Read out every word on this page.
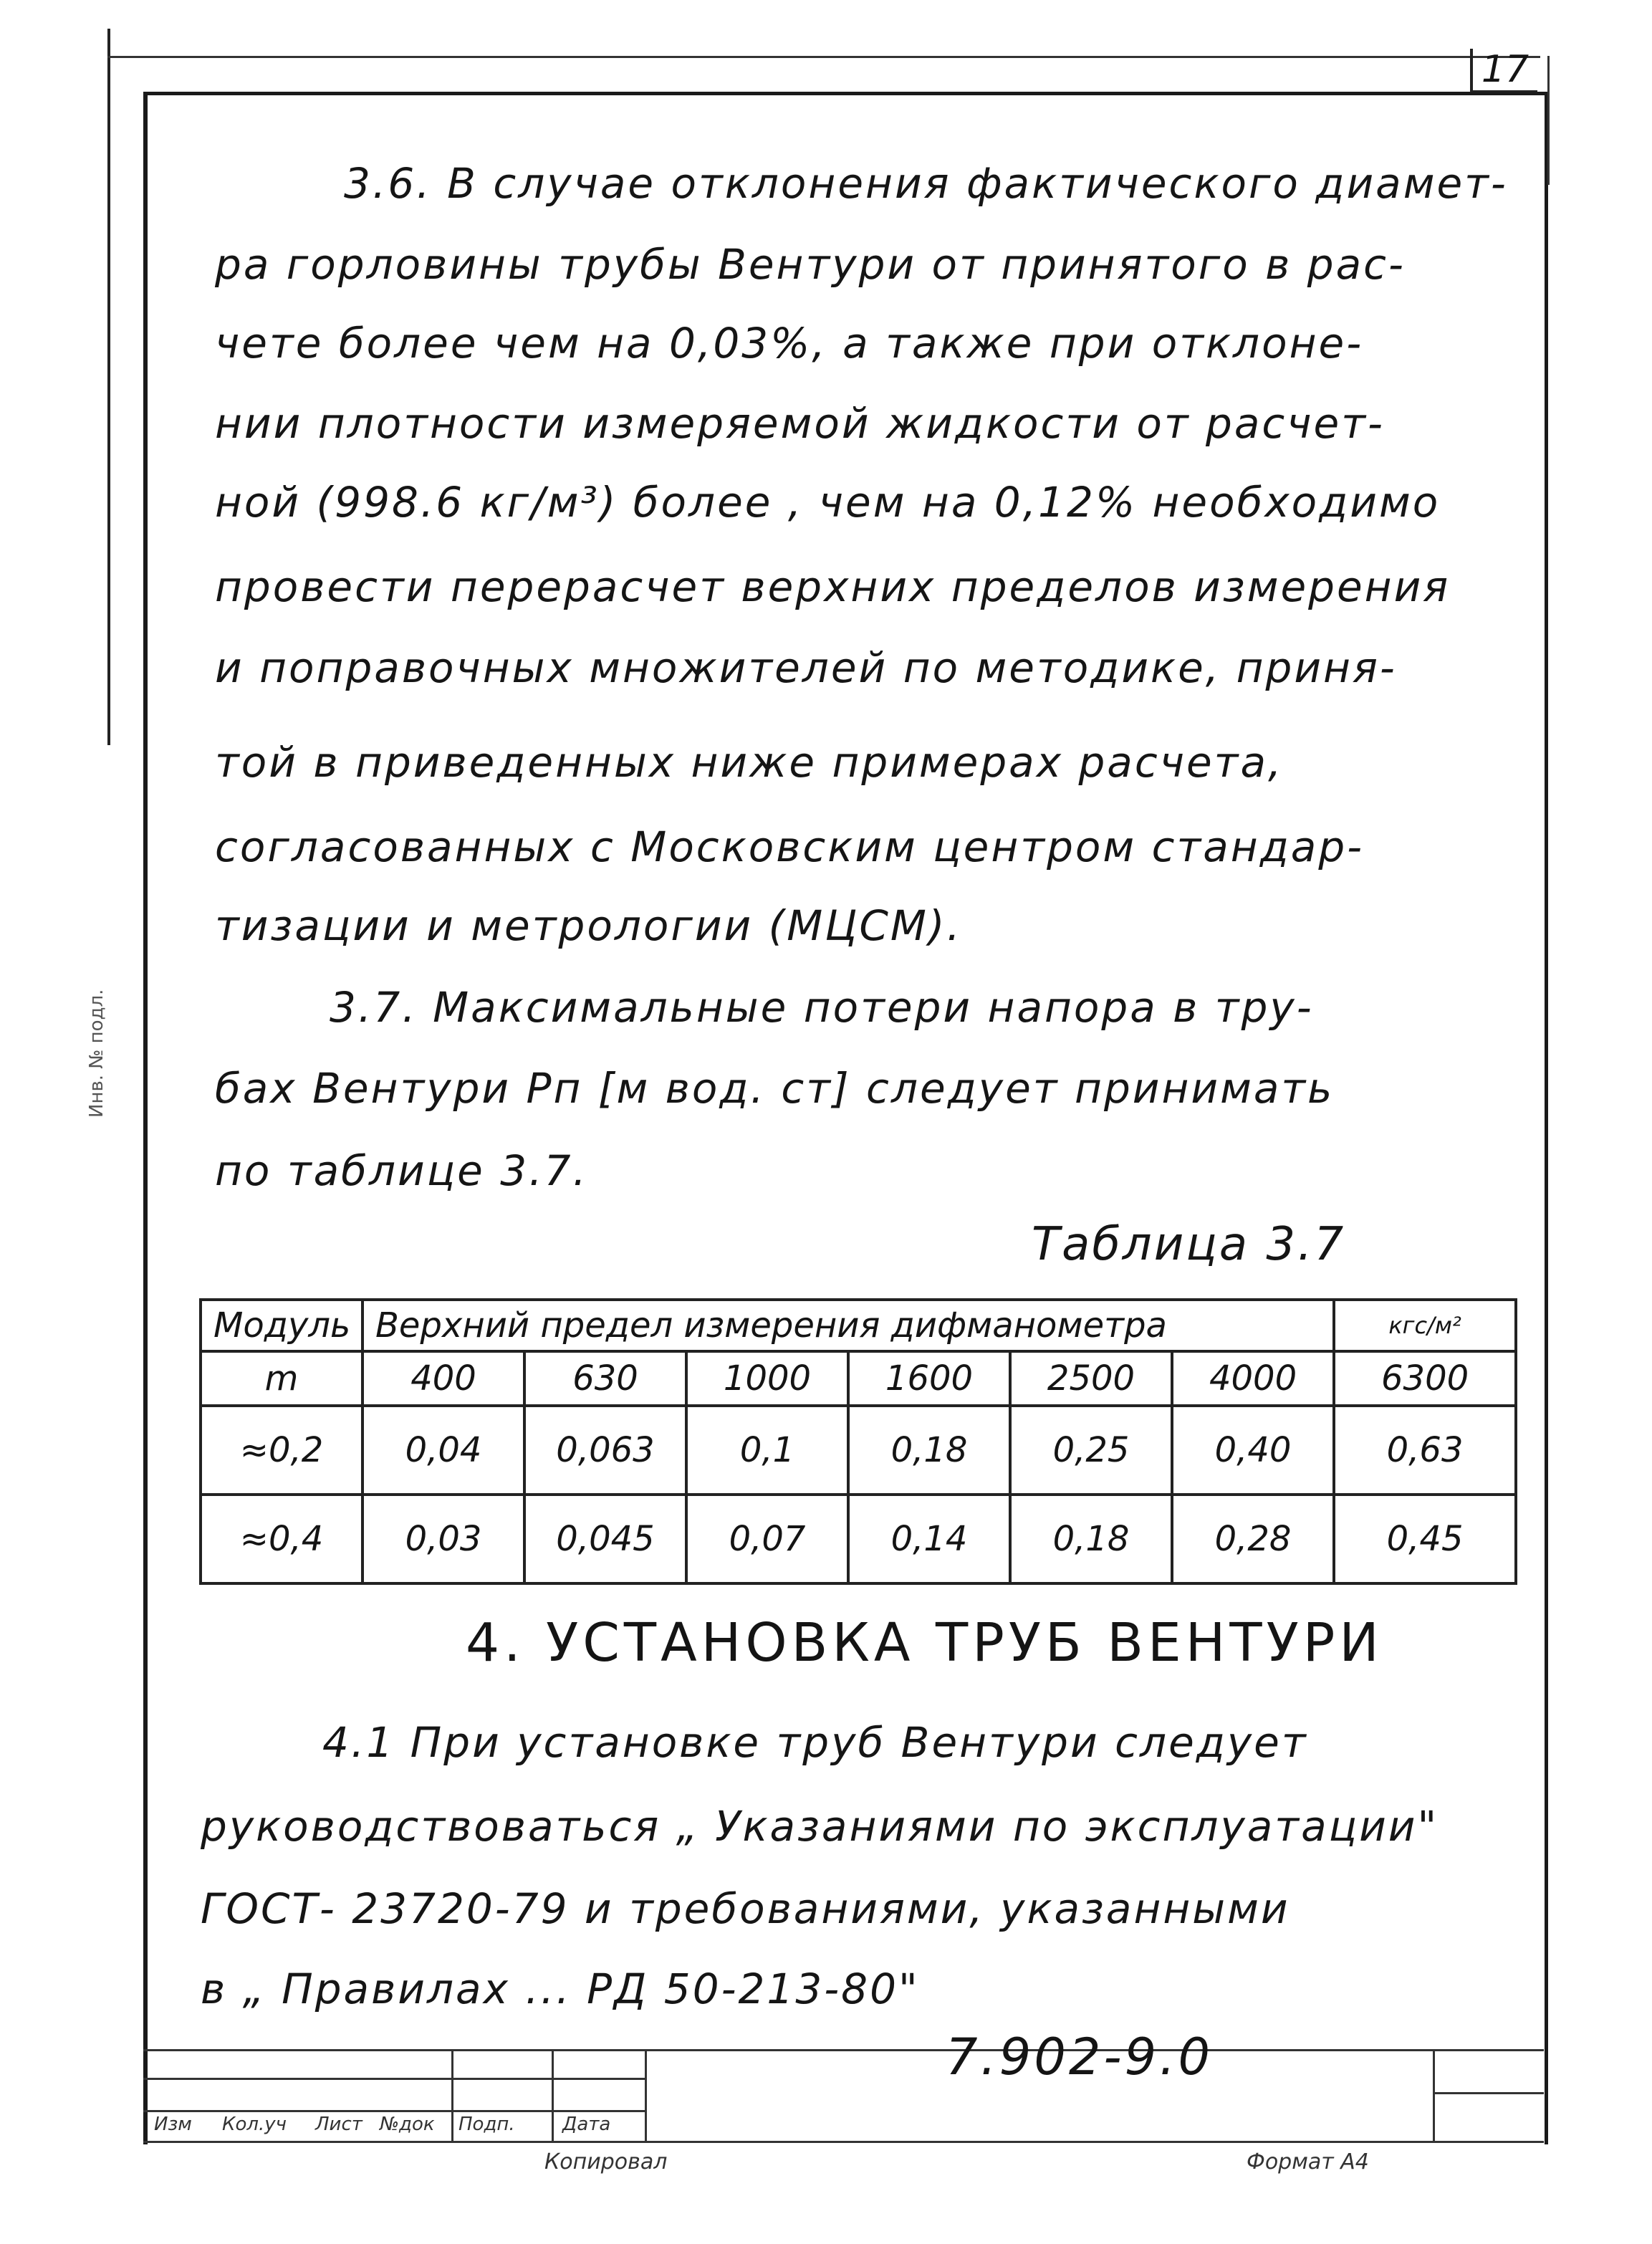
17
Инв. № подл.
3.6. В случае отклонения фактического диамет-
ра горловины трубы Вентури от принятого в рас-
чете более чем на 0,03%, а также при отклоне-
нии плотности измеряемой жидкости от расчет-
ной (998.6 кг/м³) более , чем на 0,12% необходимо
провести перерасчет верхних пределов измерения
и поправочных множителей по методике, приня-
той в приведенных ниже примерах расчета,
согласованных с Московским центром стандар-
тизации и метрологии (МЦСМ).
3.7. Максимальные потери напора в тру-
бах Вентури Рп [м вод. ст] следует принимать
по таблице 3.7.
Таблица 3.7
Модуль	Верхний предел измерения дифманометра						кгс/м²
m	400	630	1000	1600	2500	4000	6300
≈0,2	0,04	0,063	0,1	0,18	0,25	0,40	0,63
≈0,4	0,03	0,045	0,07	0,14	0,18	0,28	0,45
4. УСТАНОВКА ТРУБ ВЕНТУРИ
4.1 При установке труб Вентури следует
руководствоваться „ Указаниями по эксплуатации"
ГОСТ- 23720-79 и требованиями, указанными
в „ Правилах ... РД 50-213-80"
Изм Кол.уч Лист №док Подп.	Дата
7.902-9.0
Копировал	Формат А4
